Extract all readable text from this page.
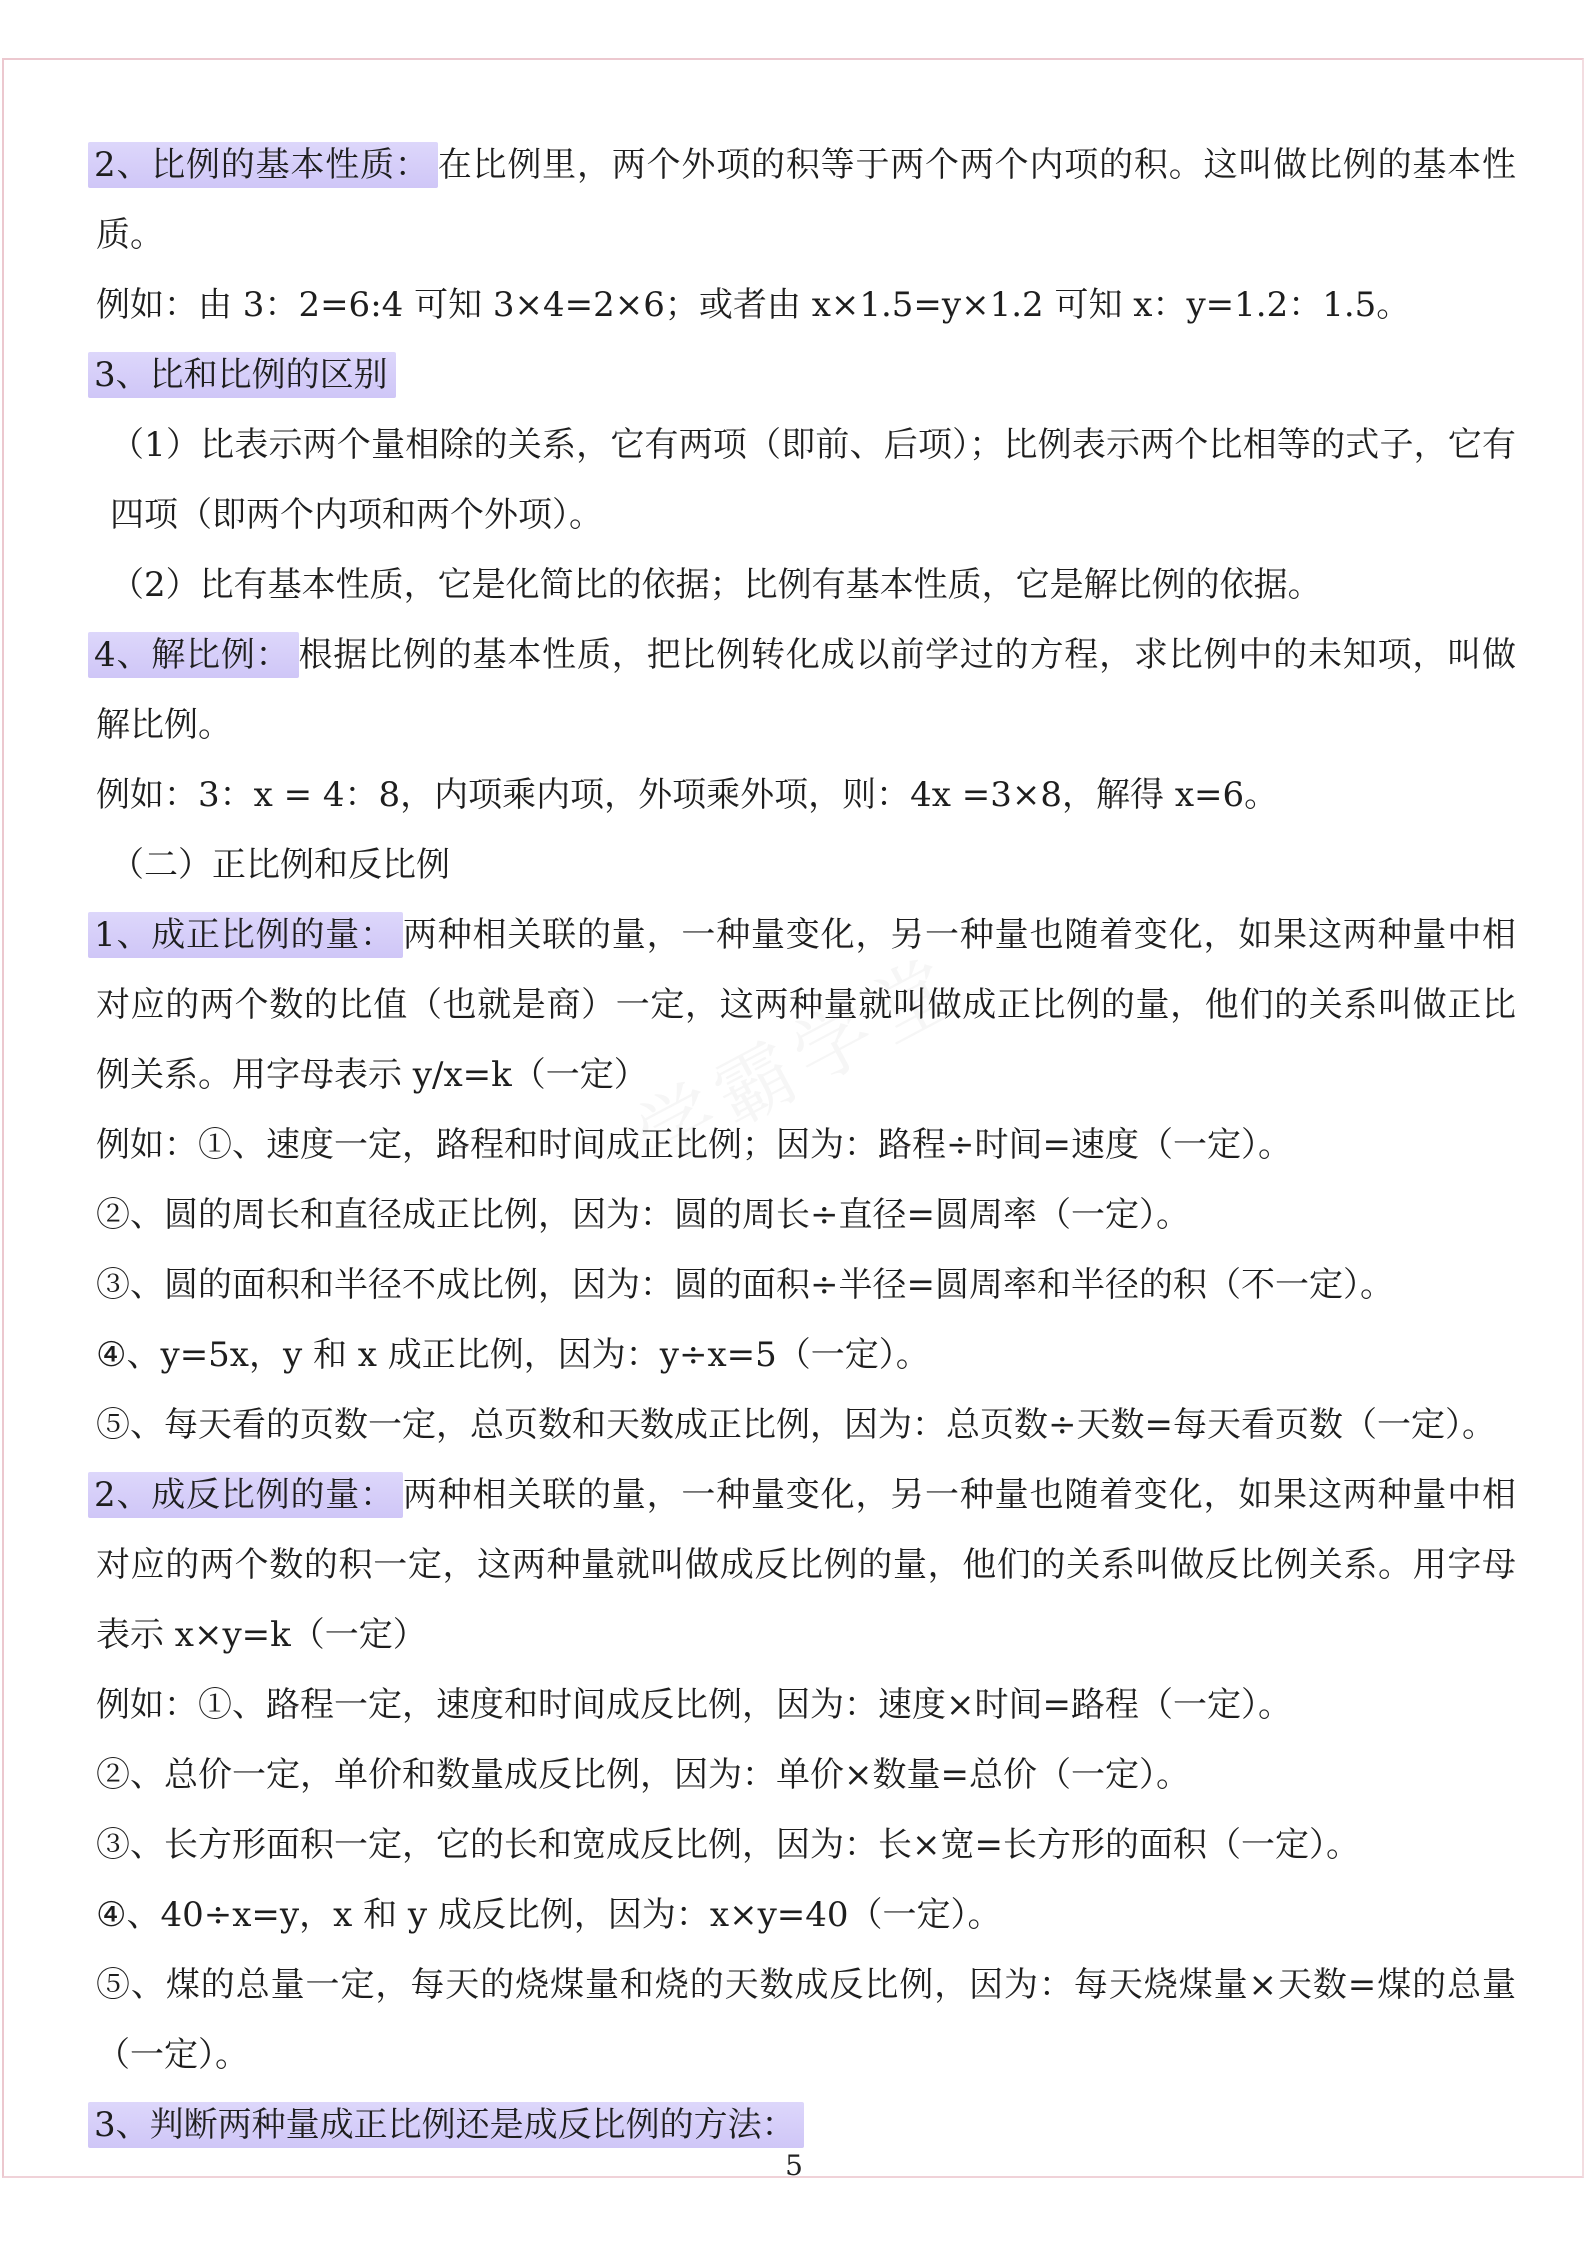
学霸学堂

2、比例的基本性质： 在比例里，两个外项的积等于两个两个内项的积。这叫做比例的基本性质。

例如：由 3：2=6:4 可知 3×4=2×6；或者由 x×1.5=y×1.2 可知 x：y=1.2：1.5。

3、比和比例的区别

（1）比表示两个量相除的关系，它有两项（即前、后项）；比例表示两个比相等的式子，它有四项（即两个内项和两个外项）。

（2）比有基本性质，它是化简比的依据；比例有基本性质，它是解比例的依据。

4、解比例： 根据比例的基本性质，把比例转化成以前学过的方程，求比例中的未知项，叫做解比例。

例如：3：x = 4：8，内项乘内项，外项乘外项，则：4x =3×8，解得 x=6。

（二）正比例和反比例

1、成正比例的量： 两种相关联的量，一种量变化，另一种量也随着变化，如果这两种量中相对应的两个数的比值（也就是商）一定，这两种量就叫做成正比例的量，他们的关系叫做正比例关系。用字母表示 y/x=k（一定）

例如：①、速度一定，路程和时间成正比例；因为：路程÷时间=速度（一定）。

②、圆的周长和直径成正比例，因为：圆的周长÷直径=圆周率（一定）。

③、圆的面积和半径不成比例，因为：圆的面积÷半径=圆周率和半径的积（不一定）。

④、y=5x，y 和 x 成正比例，因为：y÷x=5（一定）。

⑤、每天看的页数一定，总页数和天数成正比例，因为：总页数÷天数=每天看页数（一定）。

2、成反比例的量： 两种相关联的量，一种量变化，另一种量也随着变化，如果这两种量中相对应的两个数的积一定，这两种量就叫做成反比例的量，他们的关系叫做反比例关系。用字母表示 x×y=k（一定）

例如：①、路程一定，速度和时间成反比例，因为：速度×时间=路程（一定）。

②、总价一定，单价和数量成反比例，因为：单价×数量=总价（一定）。

③、长方形面积一定，它的长和宽成反比例，因为：长×宽=长方形的面积（一定）。

④、40÷x=y，x 和 y 成反比例，因为：x×y=40（一定）。

⑤、煤的总量一定，每天的烧煤量和烧的天数成反比例，因为：每天烧煤量×天数=煤的总量（一定）。

3、判断两种量成正比例还是成反比例的方法：

5
